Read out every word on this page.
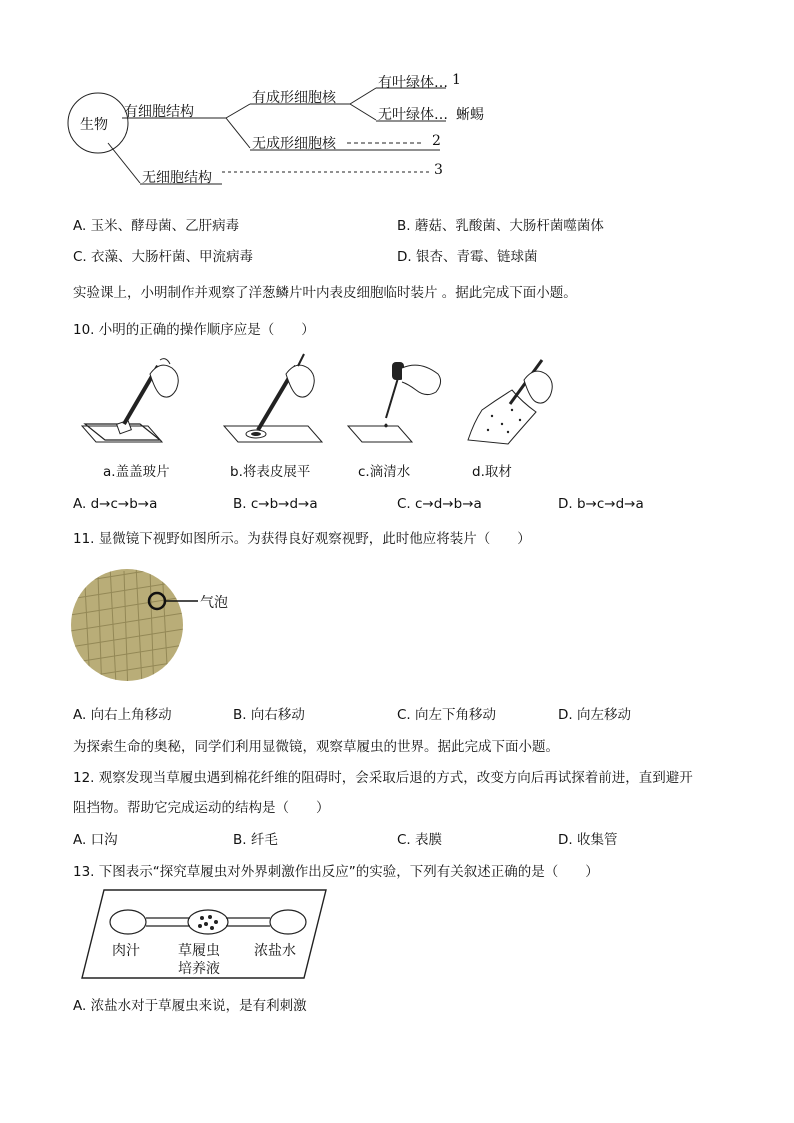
生物
有细胞结构
有成形细胞核
有叶绿体… 1
无叶绿体… 蜥蜴
无成形细胞核	2
无细胞结构	3
A. 玉米、酵母菌、乙肝病毒	B. 蘑菇、乳酸菌、大肠杆菌噬菌体
C. 衣藻、大肠杆菌、甲流病毒	D. 银杏、青霉、链球菌
实验课上，小明制作并观察了洋葱鳞片叶内表皮细胞临时装片 。据此完成下面小题。
10. 小明的正确的操作顺序应是（　　）
a.盖盖玻片	b.将表皮展平	c.滴清水	d.取材
A. d→c→b→a	B. c→b→d→a	C. c→d→b→a	D. b→c→d→a
11. 显微镜下视野如图所示。为获得良好观察视野，此时他应将装片（　　）
气泡
A. 向右上角移动	B. 向右移动	C. 向左下角移动	D. 向左移动
为探索生命的奥秘，同学们利用显微镜，观察草履虫的世界。据此完成下面小题。
12. 观察发现当草履虫遇到棉花纤维的阻碍时，会采取后退的方式，改变方向后再试探着前进，直到避开
阻挡物。帮助它完成运动的结构是（　　）
A. 口沟	B. 纤毛	C. 表膜	D. 收集管
13. 下图表示“探究草履虫对外界刺激作出反应”的实验，下列有关叙述正确的是（　　）
肉汁	草履虫
培养液
浓盐水
A. 浓盐水对于草履虫来说，是有利刺激
